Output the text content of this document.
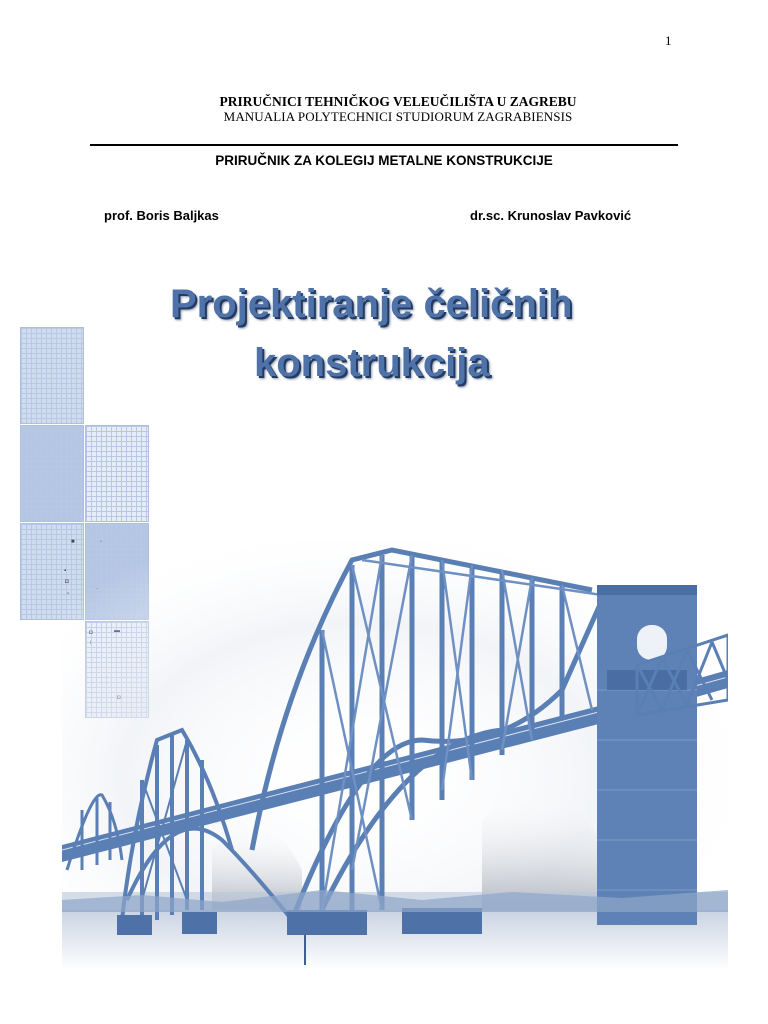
1
PRIRUČNICI TEHNIČKOG VELEUČILIŠTA U ZAGREBU
MANUALIA POLYTECHNICI STUDIORUM ZAGRABIENSIS
PRIRUČNIK ZA KOLEGIJ METALNE KONSTRUKCIJE
prof. Boris Baljkas	dr.sc. Krunoslav Pavković
Projektiranje čeličnih
konstrukcija
